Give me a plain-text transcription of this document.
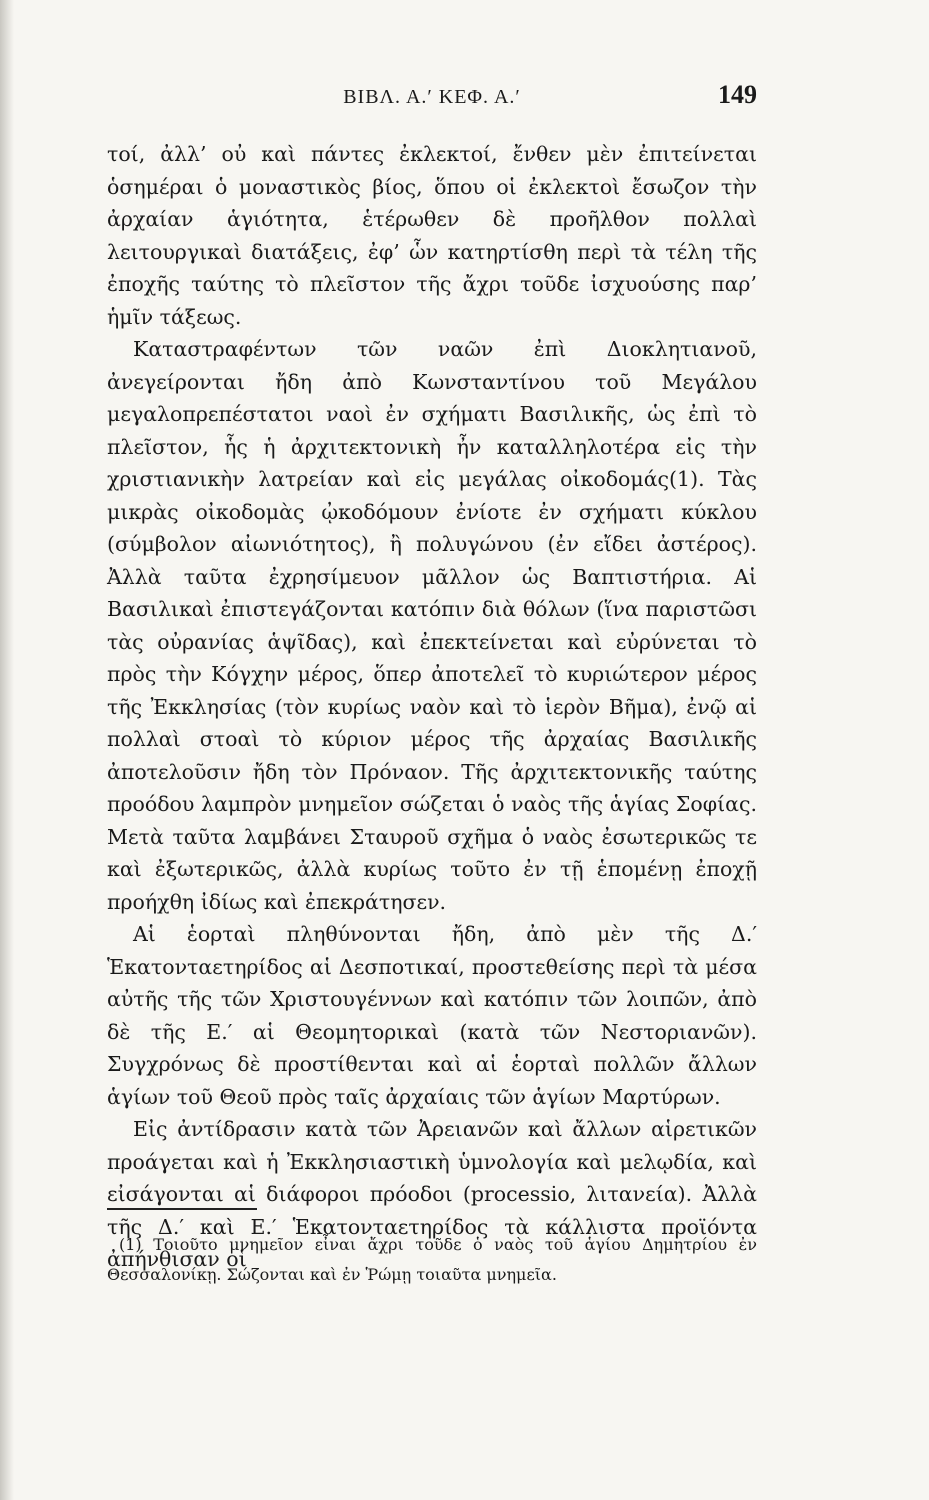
ΒΙΒΛ. Α.′ ΚΕΦ. Α.′	149

τοί, ἀλλ’ οὐ καὶ πάντες ἐκλεκτοί, ἔνθεν μὲν ἐπιτείνεται ὁσημέραι ὁ μοναστικὸς βίος, ὅπου οἱ ἐκλεκτοὶ ἔσωζον τὴν ἀρχαίαν ἁγιότητα, ἑτέρωθεν δὲ προῆλθον πολλαὶ λειτουργικαὶ διατάξεις, ἐφ’ ὧν κατηρτίσθη περὶ τὰ τέλη τῆς ἐποχῆς ταύτης τὸ πλεῖστον τῆς ἄχρι τοῦδε ἰσχυούσης παρ’ ἡμῖν τάξεως.

Καταστραφέντων τῶν ναῶν ἐπὶ Διοκλητιανοῦ, ἀνεγείρονται ἤδη ἀπὸ Κωνσταντίνου τοῦ Μεγάλου μεγαλοπρεπέστατοι ναοὶ ἐν σχήματι Βασιλικῆς, ὡς ἐπὶ τὸ πλεῖστον, ἧς ἡ ἀρχιτεκτονικὴ ἦν καταλληλοτέρα εἰς τὴν χριστιανικὴν λατρείαν καὶ εἰς μεγάλας οἰκοδομάς(1). Τὰς μικρὰς οἰκοδομὰς ᾠκοδόμουν ἐνίοτε ἐν σχήματι κύκλου (σύμβολον αἰωνιότητος), ἢ πολυγώνου (ἐν εἴδει ἀστέρος). Ἀλλὰ ταῦτα ἐχρησίμευον μᾶλλον ὡς Βαπτιστήρια. Αἱ Βασιλικαὶ ἐπιστεγάζονται κατόπιν διὰ θόλων (ἵνα παριστῶσι τὰς οὐρανίας ἁψῖδας), καὶ ἐπεκτείνεται καὶ εὐρύνεται τὸ πρὸς τὴν Κόγχην μέρος, ὅπερ ἀποτελεῖ τὸ κυριώτερον μέρος τῆς Ἐκκλησίας (τὸν κυρίως ναὸν καὶ τὸ ἱερὸν Βῆμα), ἐνῷ αἱ πολλαὶ στοαὶ τὸ κύριον μέρος τῆς ἀρχαίας Βασιλικῆς ἀποτελοῦσιν ἤδη τὸν Πρόναον. Τῆς ἀρχιτεκτονικῆς ταύτης προόδου λαμπρὸν μνημεῖον σώζεται ὁ ναὸς τῆς ἁγίας Σοφίας. Μετὰ ταῦτα λαμβάνει Σταυροῦ σχῆμα ὁ ναὸς ἐσωτερικῶς τε καὶ ἐξωτερικῶς, ἀλλὰ κυρίως τοῦτο ἐν τῇ ἑπομένῃ ἐποχῇ προήχθη ἰδίως καὶ ἐπεκράτησεν.

Αἱ ἑορταὶ πληθύνονται ἤδη, ἀπὸ μὲν τῆς Δ.′ Ἑκατονταετηρίδος αἱ Δεσποτικαί, προστεθείσης περὶ τὰ μέσα αὐτῆς τῆς τῶν Χριστουγέννων καὶ κατόπιν τῶν λοιπῶν, ἀπὸ δὲ τῆς Ε.′ αἱ Θεομητορικαὶ (κατὰ τῶν Νεστοριανῶν). Συγχρόνως δὲ προστίθενται καὶ αἱ ἑορταὶ πολλῶν ἄλλων ἁγίων τοῦ Θεοῦ πρὸς ταῖς ἀρχαίαις τῶν ἁγίων Μαρτύρων.

Εἰς ἀντίδρασιν κατὰ τῶν Ἀρειανῶν καὶ ἄλλων αἱρετικῶν προάγεται καὶ ἡ Ἐκκλησιαστικὴ ὑμνολογία καὶ μελῳδία, καὶ εἰσάγονται αἱ διάφοροι πρόοδοι (processio, λιτανεία). Ἀλλὰ τῆς Δ.′ καὶ Ε.′ Ἑκατονταετηρίδος τὰ κάλλιστα προϊόντα ἀπήνθισαν οἱ

(1) Τοιοῦτο μνημεῖον εἶναι ἄχρι τοῦδε ὁ ναὸς τοῦ ἁγίου Δημητρίου ἐν Θεσσαλονίκῃ. Σώζονται καὶ ἐν Ῥώμῃ τοιαῦτα μνημεῖα.
